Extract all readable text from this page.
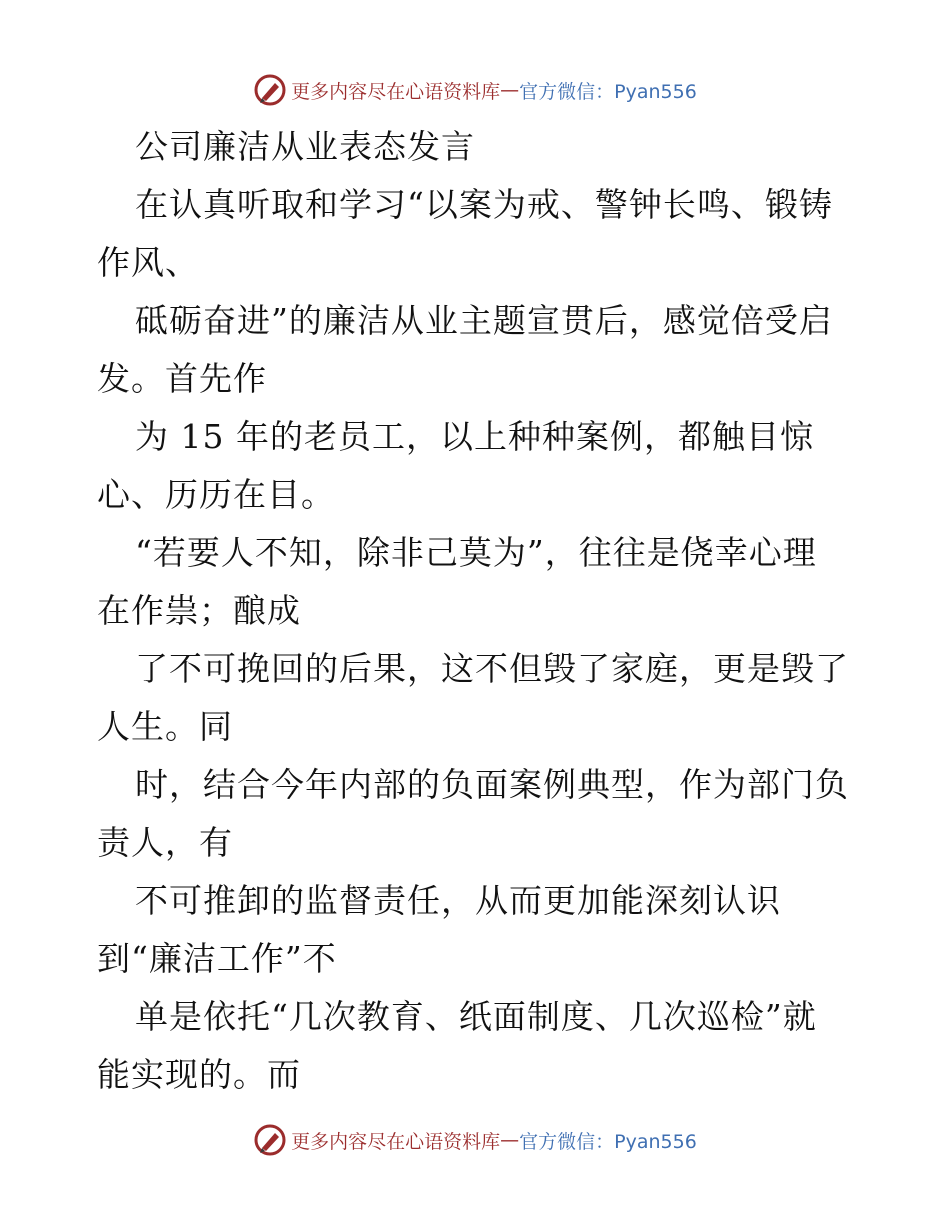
更多内容尽在心语资料库 — 官方微信：Pyan556
公司廉洁从业表态发言
在认真听取和学习“以案为戒、警钟长鸣、锻铸
作风、
砥砺奋进”的廉洁从业主题宣贯后，感觉倍受启
发。首先作
为 15 年的老员工，以上种种案例，都触目惊
心、历历在目。
“若要人不知，除非己莫为”，往往是侥幸心理
在作祟；酿成
了不可挽回的后果，这不但毁了家庭，更是毁了
人生。同
时，结合今年内部的负面案例典型，作为部门负
责人，有
不可推卸的监督责任，从而更加能深刻认识
到“廉洁工作”不
单是依托“几次教育、纸面制度、几次巡检”就
能实现的。而
更多内容尽在心语资料库 — 官方微信：Pyan556
